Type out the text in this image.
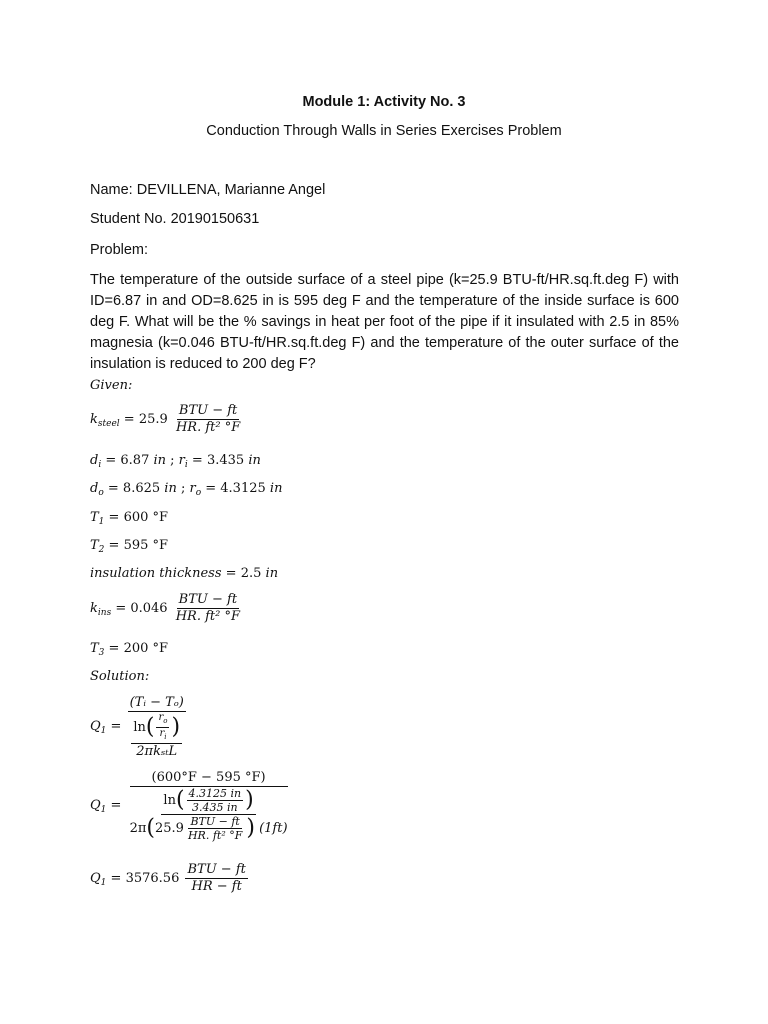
Module 1: Activity No. 3
Conduction Through Walls in Series Exercises Problem
Name: DEVILLENA, Marianne Angel
Student No. 20190150631
Problem:
The temperature of the outside surface of a steel pipe (k=25.9 BTU-ft/HR.sq.ft.deg F) with ID=6.87 in and OD=8.625 in is 595 deg F and the temperature of the inside surface is 600 deg F. What will be the % savings in heat per foot of the pipe if it insulated with 2.5 in 85% magnesia (k=0.046 BTU-ft/HR.sq.ft.deg F) and the temperature of the outer surface of the insulation is reduced to 200 deg F?
Given:
$k_{steel} = 25.9 \frac{\text{BTU − ft}}{\text{HR. ft² °F}}$
$d_i = 6.87$ in ; $r_i = 3.435$ in
$d_o = 8.625$ in ; $r_o = 4.3125$ in
$T_1 = 600$ °F
$T_2 = 595$ °F
insulation thickness = 2.5 in
$k_{ins} = 0.046 \frac{\text{BTU − ft}}{\text{HR. ft² °F}}$
$T_3 = 200$ °F
Solution:
$Q_1$ = (Tᵢ − Tₒ)
$\ln( \frac{r_o}{r_i}$ )
2πkₛₜL
$Q_1 = (600^\circ F - 595$ °F)
$\ln( \frac{4.3125 in}{3.435 in}$ )
$2\pi(25.9 \frac{\text{BTU − ft}}{\text{HR. ft² °F}}$ ) (1ft)
$Q_1 = 3576.56 \frac{\text{BTU − ft}}{HR - ft}$
